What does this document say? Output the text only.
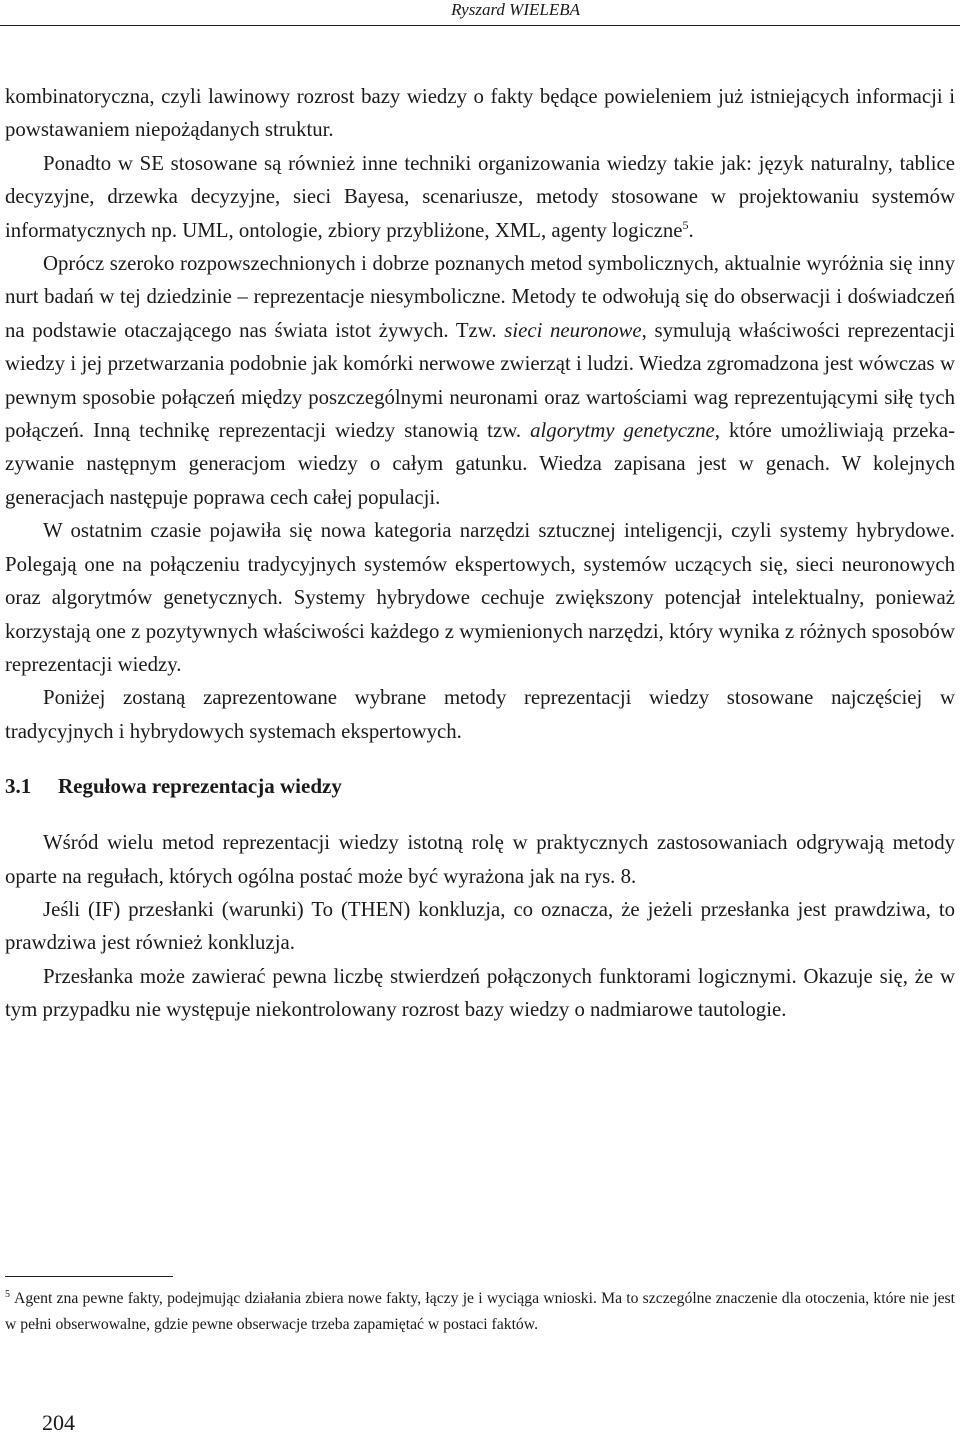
Ryszard WIELEBA

kombinatoryczna, czyli lawinowy rozrost bazy wiedzy o fakty będące powieleniem już istniejących informacji i powstawaniem niepożądanych struktur.

Ponadto w SE stosowane są również inne techniki organizowania wiedzy takie jak: język naturalny, tablice decyzyjne, drzewka decyzyjne, sieci Bayesa, scenariusze, metody stosowane w projektowaniu systemów informatycznych np. UML, ontologie, zbiory przybliżone, XML, agenty logiczne$^5$.

Oprócz szeroko rozpowszechnionych i dobrze poznanych metod symbolicznych, aktualnie wyróżnia się inny nurt badań w tej dziedzinie – reprezentacje niesymboliczne. Metody te odwołują się do obserwacji i doświadczeń na podstawie otaczającego nas świata istot żywych. Tzw. sieci neuronowe, symulują właściwości reprezentacji wiedzy i jej przetwarzania podobnie jak komórki nerwowe zwierząt i ludzi. Wiedza zgromadzona jest wówczas w pewnym sposobie połączeń między poszczególnymi neuronami oraz wartościami wag reprezentującymi siłę tych połączeń. Inną technikę reprezentacji wiedzy stanowią tzw. algorytmy genetyczne, które umożliwiają przekazywanie następnym generacjom wiedzy o całym gatunku. Wiedza zapisana jest w genach. W kolejnych generacjach następuje poprawa cech całej populacji.

W ostatnim czasie pojawiła się nowa kategoria narzędzi sztucznej inteligencji, czyli systemy hybrydowe. Polegają one na połączeniu tradycyjnych systemów ekspertowych, systemów uczących się, sieci neuronowych oraz algorytmów genetycznych. Systemy hybrydowe cechuje zwiększony potencjał intelektualny, ponieważ korzystają one z pozytywnych właściwości każdego z wymienionych narzędzi, który wynika z różnych sposobów reprezentacji wiedzy.

Poniżej zostaną zaprezentowane wybrane metody reprezentacji wiedzy stosowane najczęściej w tradycyjnych i hybrydowych systemach ekspertowych.

3.1 Regułowa reprezentacja wiedzy

Wśród wielu metod reprezentacji wiedzy istotną rolę w praktycznych zastosowaniach odgrywają metody oparte na regułach, których ogólna postać może być wyrażona jak na rys. 8.

Jeśli (IF) przesłanki (warunki) To (THEN) konkluzja, co oznacza, że jeżeli przesłanka jest prawdziwa, to prawdziwa jest również konkluzja.

Przesłanka może zawierać pewna liczbę stwierdzeń połączonych funktorami logicznymi. Okazuje się, że w tym przypadku nie występuje niekontrolowany rozrost bazy wiedzy o nadmiarowe tautologie.

$^5$ Agent zna pewne fakty, podejmując działania zbiera nowe fakty, łączy je i wyciąga wnioski. Ma to szczególne znaczenie dla otoczenia, które nie jest w pełni obserwowalne, gdzie pewne obserwacje trzeba zapamiętać w postaci faktów.

204
